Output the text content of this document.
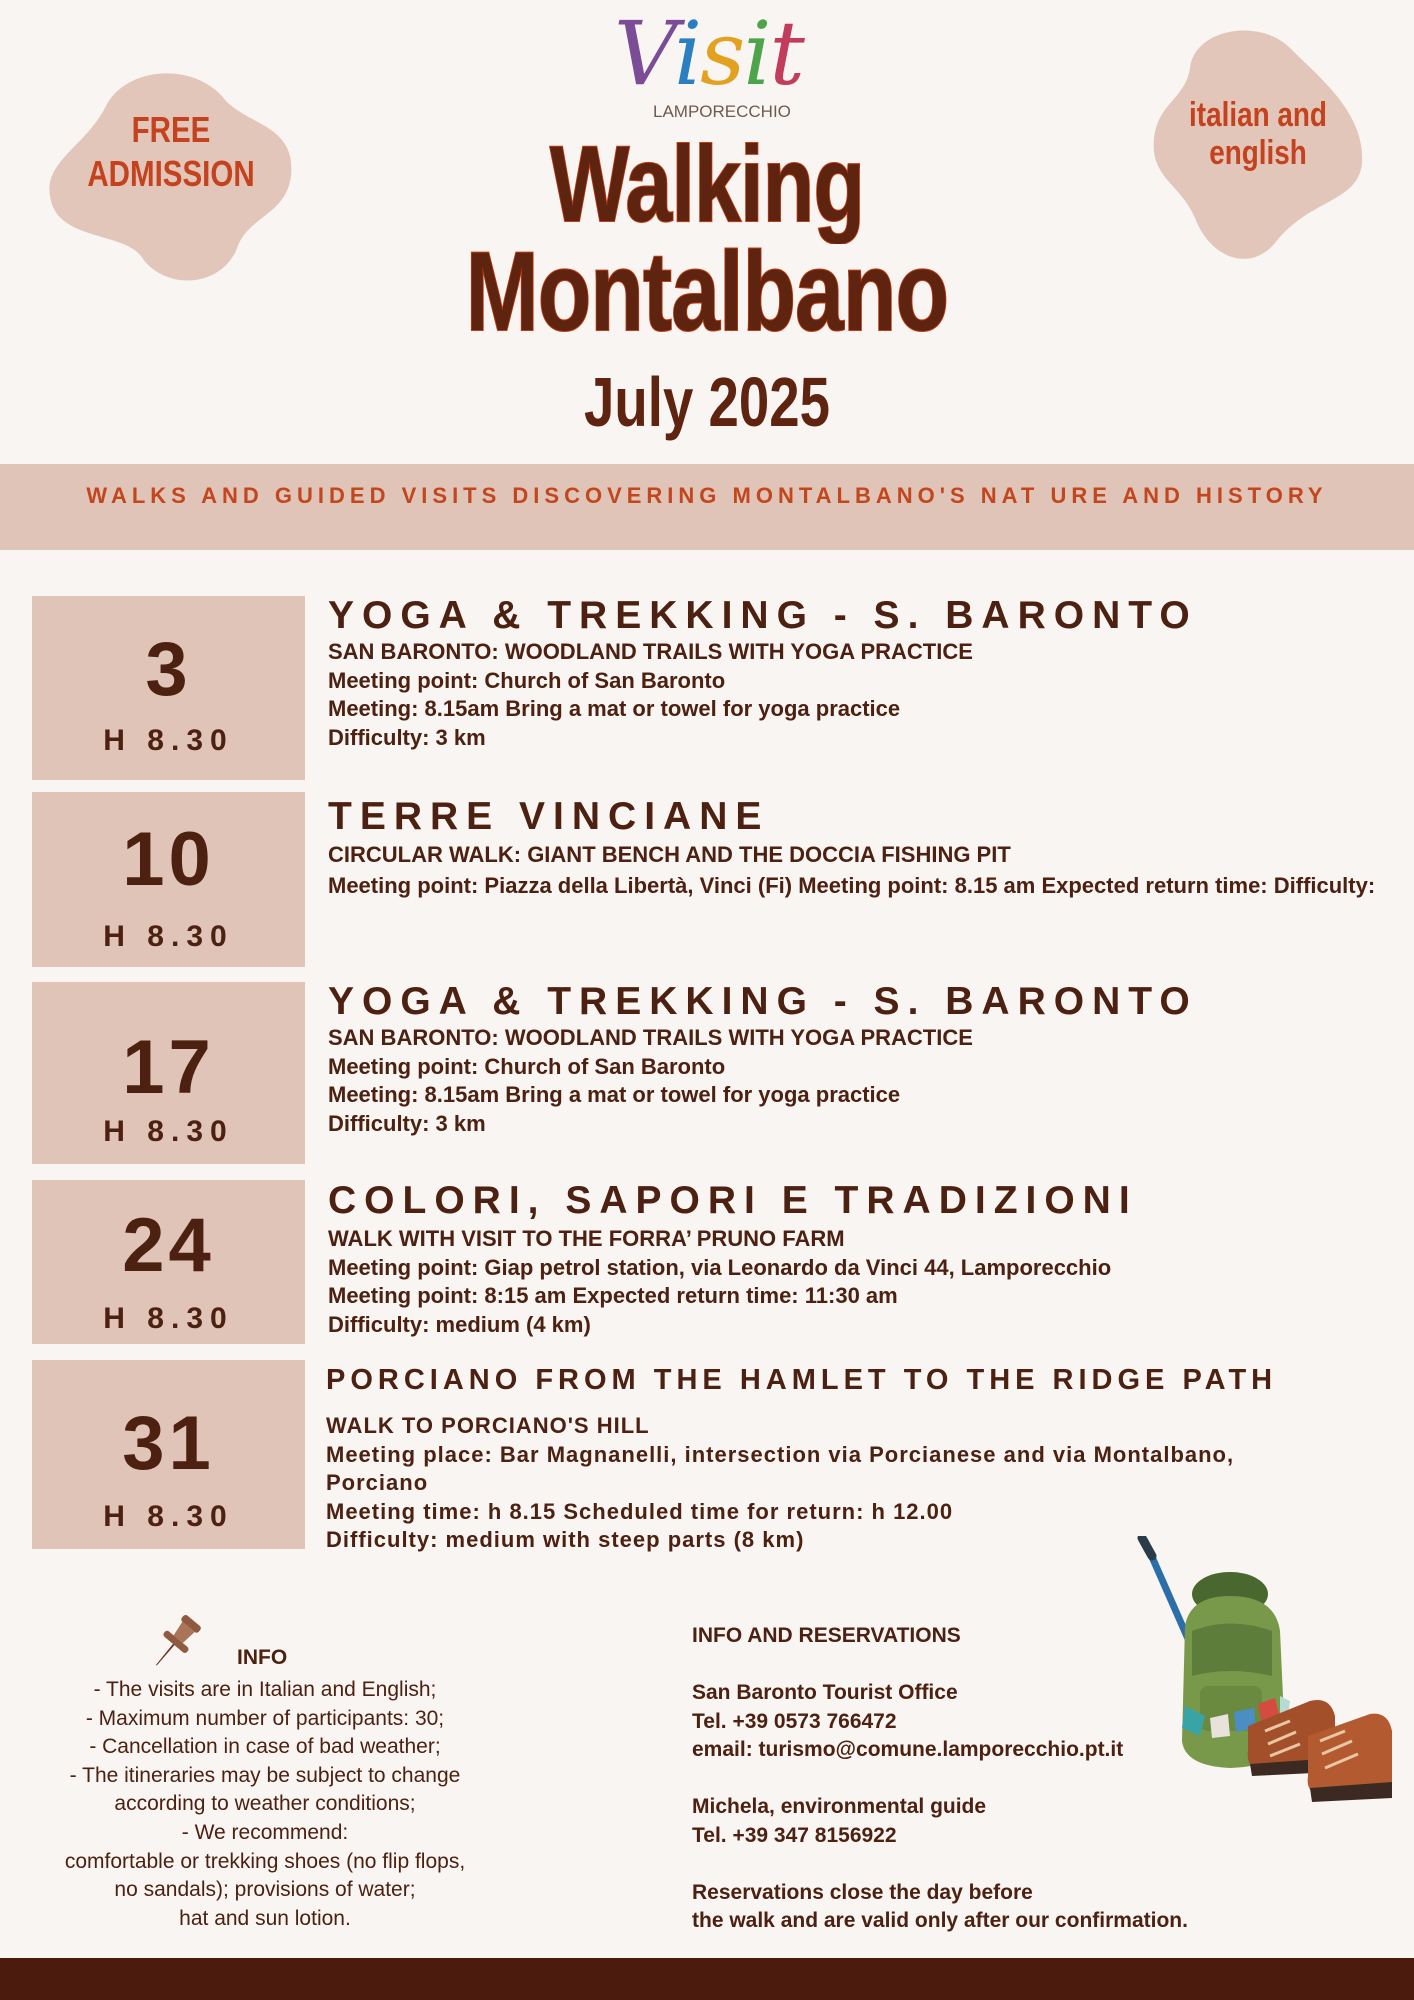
Visit
LAMPORECCHIO
FREE
ADMISSION
italian and
english
Walking
Montalbano
July 2025
WALKS AND GUIDED VISITS DISCOVERING MONTALBANO'S NAT URE AND HISTORY
3
H 8.30
YOGA & TREKKING - S. BARONTO
SAN BARONTO: WOODLAND TRAILS WITH YOGA PRACTICE
Meeting point: Church of San Baronto
Meeting: 8.15am Bring a mat or towel for yoga practice
Difficulty: 3 km
10
H 8.30
TERRE VINCIANE
CIRCULAR WALK: GIANT BENCH AND THE DOCCIA FISHING PIT
Meeting point: Piazza della Libertà, Vinci (Fi) Meeting point: 8.15 am Expected return time: Difficulty:
17
H 8.30
YOGA & TREKKING - S. BARONTO
SAN BARONTO: WOODLAND TRAILS WITH YOGA PRACTICE
Meeting point: Church of San Baronto
Meeting: 8.15am Bring a mat or towel for yoga practice
Difficulty: 3 km
24
H 8.30
COLORI, SAPORI E TRADIZIONI
WALK WITH VISIT TO THE FORRA’ PRUNO FARM
Meeting point: Giap petrol station, via Leonardo da Vinci 44, Lamporecchio
Meeting point: 8:15 am Expected return time: 11:30 am
Difficulty: medium (4 km)
31
H 8.30
PORCIANO FROM THE HAMLET TO THE RIDGE PATH
WALK TO PORCIANO'S HILL
Meeting place: Bar Magnanelli, intersection via Porcianese and via Montalbano, Porciano
Meeting time: h 8.15 Scheduled time for return: h 12.00
Difficulty: medium with steep parts (8 km)
INFO
- The visits are in Italian and English;
- Maximum number of participants: 30;
- Cancellation in case of bad weather;
- The itineraries may be subject to change
according to weather conditions;
- We recommend:
comfortable or trekking shoes (no flip flops,
no sandals); provisions of water;
hat and sun lotion.
INFO AND RESERVATIONS
San Baronto Tourist Office
Tel. +39 0573 766472
email: turismo@comune.lamporecchio.pt.it
Michela, environmental guide
Tel. +39 347 8156922
Reservations close the day before
the walk and are valid only after our confirmation.
